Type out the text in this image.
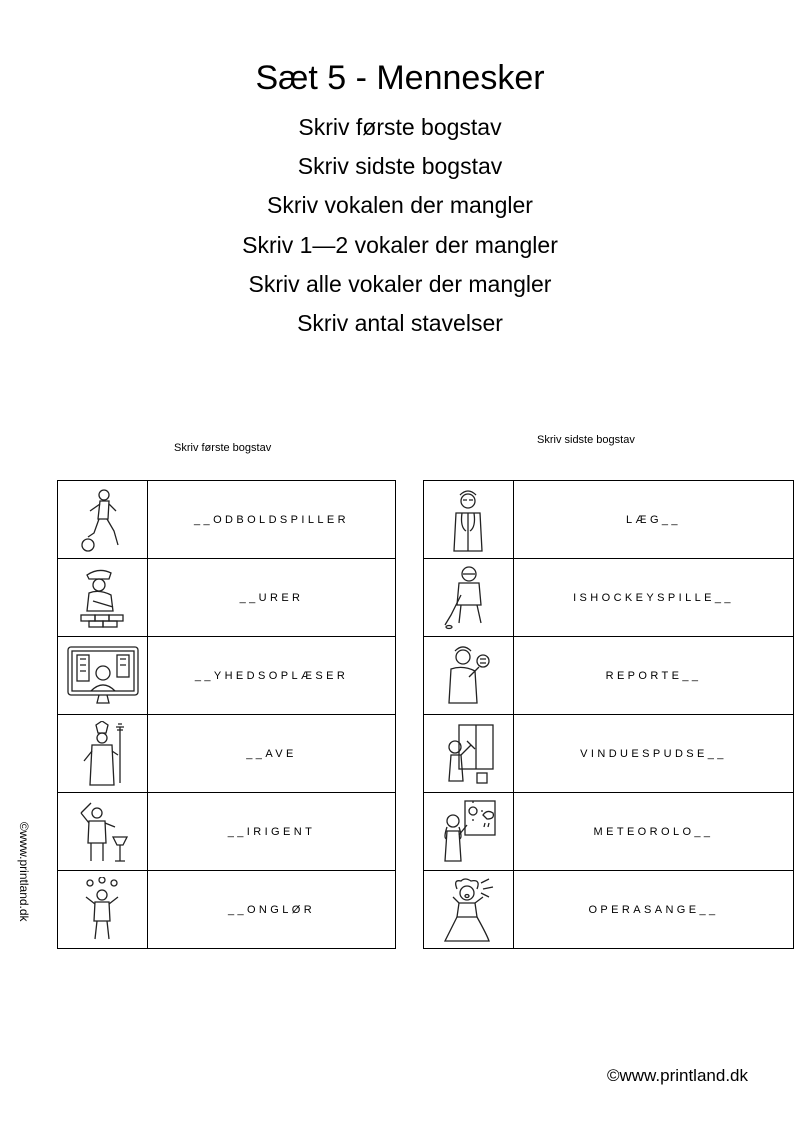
Sæt 5 - Mennesker
Skriv første bogstav
Skriv sidste bogstav
Skriv vokalen der mangler
Skriv 1—2 vokaler der mangler
Skriv alle vokaler der mangler
Skriv antal stavelser
Skriv første bogstav
Skriv sidste bogstav
	__ODBOLDSPILLER

	__URER

	__YHEDSOPLÆSER

	__AVE

	__IRIGENT

	__ONGLØR
	LÆG__

	ISHOCKEYSPILLE__

	REPORTE__

	VINDUESPUDSE__

	METEOROLO__

	OPERASANGE__
©www.printland.dk
©www.printland.dk
